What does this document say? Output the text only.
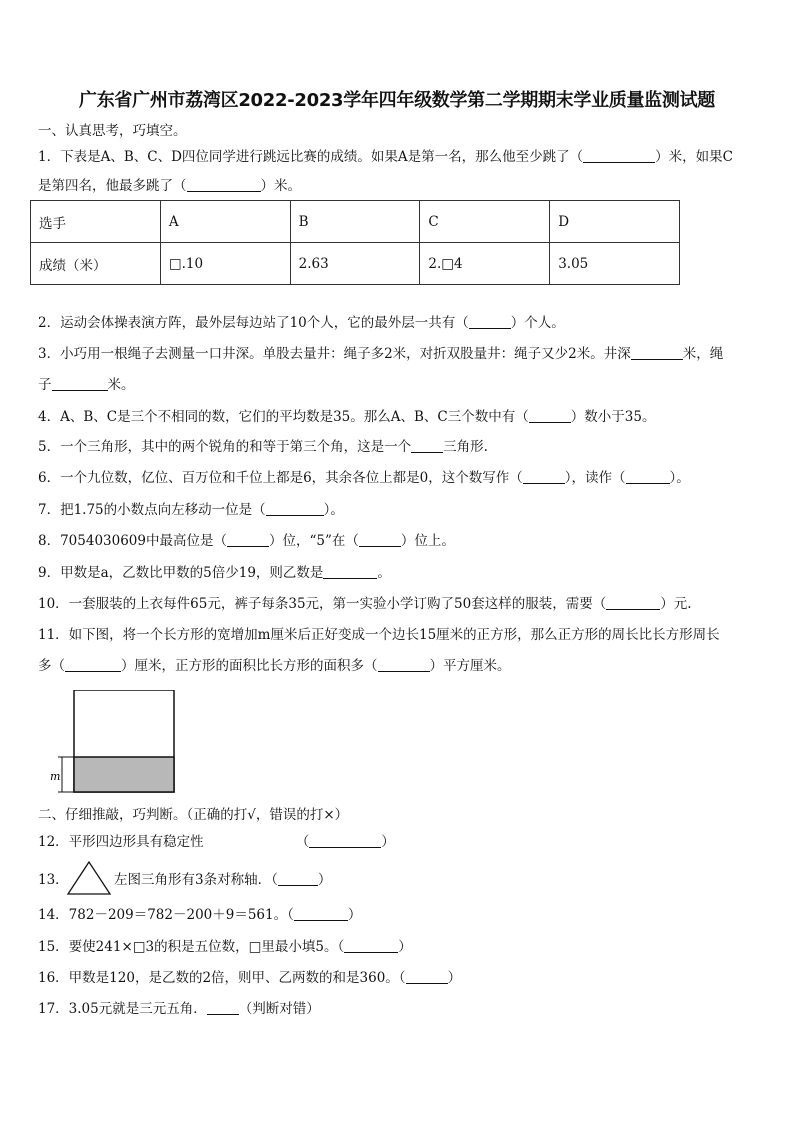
广东省广州市荔湾区2022-2023学年四年级数学第二学期期末学业质量监测试题
一、认真思考，巧填空。
1．下表是A、B、C、D四位同学进行跳远比赛的成绩。如果A是第一名，那么他至少跳了（	）米，如果C
是第四名，他最多跳了（	）米。
选手	A	B	C	D
成绩（米）	□.10	2.63	2.□4	3.05
2．运动会体操表演方阵，最外层每边站了10个人，它的最外层一共有（	）个人。
3．小巧用一根绳子去测量一口井深。单股去量井：绳子多2米，对折双股量井：绳子又少2米。井深	米，绳
子	米。
4．A、B、C是三个不相同的数，它们的平均数是35。那么A、B、C三个数中有（	）数小于35。
5．一个三角形，其中的两个锐角的和等于第三个角，这是一个 三角形.
6．一个九位数，亿位、百万位和千位上都是6，其余各位上都是0，这个数写作（	），读作（	）。
7．把1.75的小数点向左移动一位是（	）。
8．7054030609中最高位是（	）位，“5”在（	）位上。
9．甲数是a，乙数比甲数的5倍少19，则乙数是	。
10．一套服装的上衣每件65元，裤子每条35元，第一实验小学订购了50套这样的服装，需要（	）元.
11．如下图，将一个长方形的宽增加m厘米后正好变成一个边长15厘米的正方形，那么正方形的周长比长方形周长
多（	）厘米，正方形的面积比长方形的面积多（	）平方厘米。
m
二、仔细推敲，巧判断。（正确的打√，错误的打×）
12．平形四边形具有稳定性	（	）
13．	左图三角形有3条对称轴．（	）
14．782－209＝782－200＋9＝561。（	）
15．要使241×□3的积是五位数，□里最小填5。（	）
16．甲数是120，是乙数的2倍，则甲、乙两数的和是360。（	）
17．3.05元就是三元五角． （判断对错）
